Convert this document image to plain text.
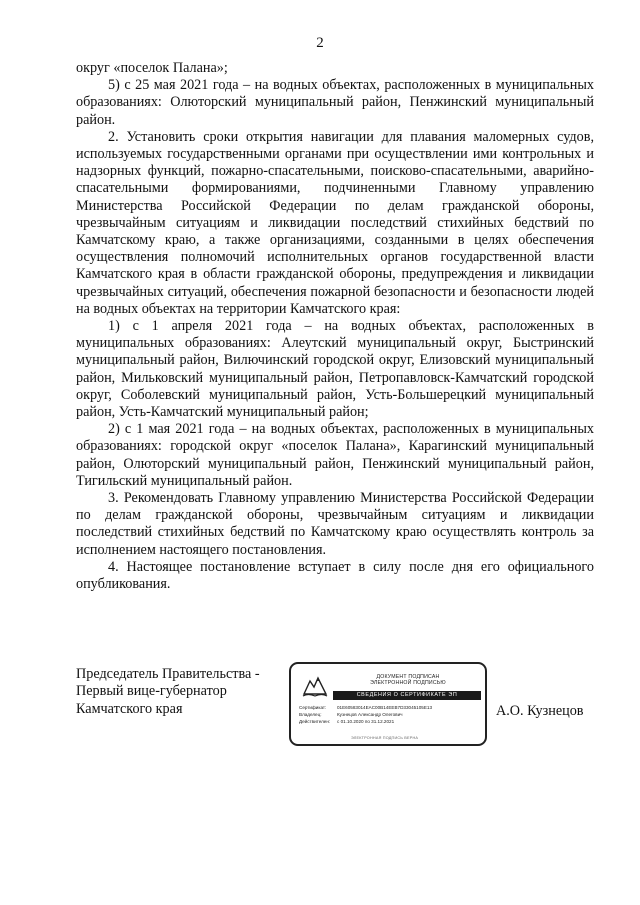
2

округ «поселок Палана»;

5) с 25 мая 2021 года – на водных объектах, расположенных в муниципальных образованиях: Олюторский муниципальный район, Пенжинский муниципальный район.

2. Установить сроки открытия навигации для плавания маломерных судов, используемых государственными органами при осуществлении ими контрольных и надзорных функций, пожарно-спасательными, поисково-спасательными, аварийно-спасательными формированиями, подчиненными Главному управлению Министерства Российской Федерации по делам гражданской обороны, чрезвычайным ситуациям и ликвидации последствий стихийных бедствий по Камчатскому краю, а также организациями, созданными в целях обеспечения осуществления полномочий исполнительных органов государственной власти Камчатского края в области гражданской обороны, предупреждения и ликвидации чрезвычайных ситуаций, обеспечения пожарной безопасности и безопасности людей на водных объектах на территории Камчатского края:

1) с 1 апреля 2021 года – на водных объектах, расположенных в муниципальных образованиях: Алеутский муниципальный округ, Быстринский муниципальный район, Вилючинский городской округ, Елизовский муниципальный район, Мильковский муниципальный район, Петропавловск-Камчатский городской округ, Соболевский муниципальный район, Усть-Большерецкий муниципальный район, Усть-Камчатский муниципальный район;

2) с 1 мая 2021 года – на водных объектах, расположенных в муниципальных образованиях: городской округ «поселок Палана», Карагинский муниципальный район, Олюторский муниципальный район, Пенжинский муниципальный район, Тигильский муниципальный район.

3. Рекомендовать Главному управлению Министерства Российской Федерации по делам гражданской обороны, чрезвычайным ситуациям и ликвидации последствий стихийных бедствий по Камчатскому краю осуществлять контроль за исполнением настоящего постановления.

4. Настоящее постановление вступает в силу после дня его официального опубликования.

Председатель Правительства -
Первый вице-губернатор
Камчатского края
ДОКУМЕНТ ПОДПИСАН
ЭЛЕКТРОННОЙ ПОДПИСЬЮ
СВЕДЕНИЯ О СЕРТИФИКАТЕ ЭП
Сертификат: 01E60583014EAC00B14EEB7D33045105E13
Владелец:	Кузнецов Александр Олегович
Действителен: с 01.10.2020 по 31.12.2021
ЭЛЕКТРОННАЯ ПОДПИСЬ ВЕРНА
А.О. Кузнецов
